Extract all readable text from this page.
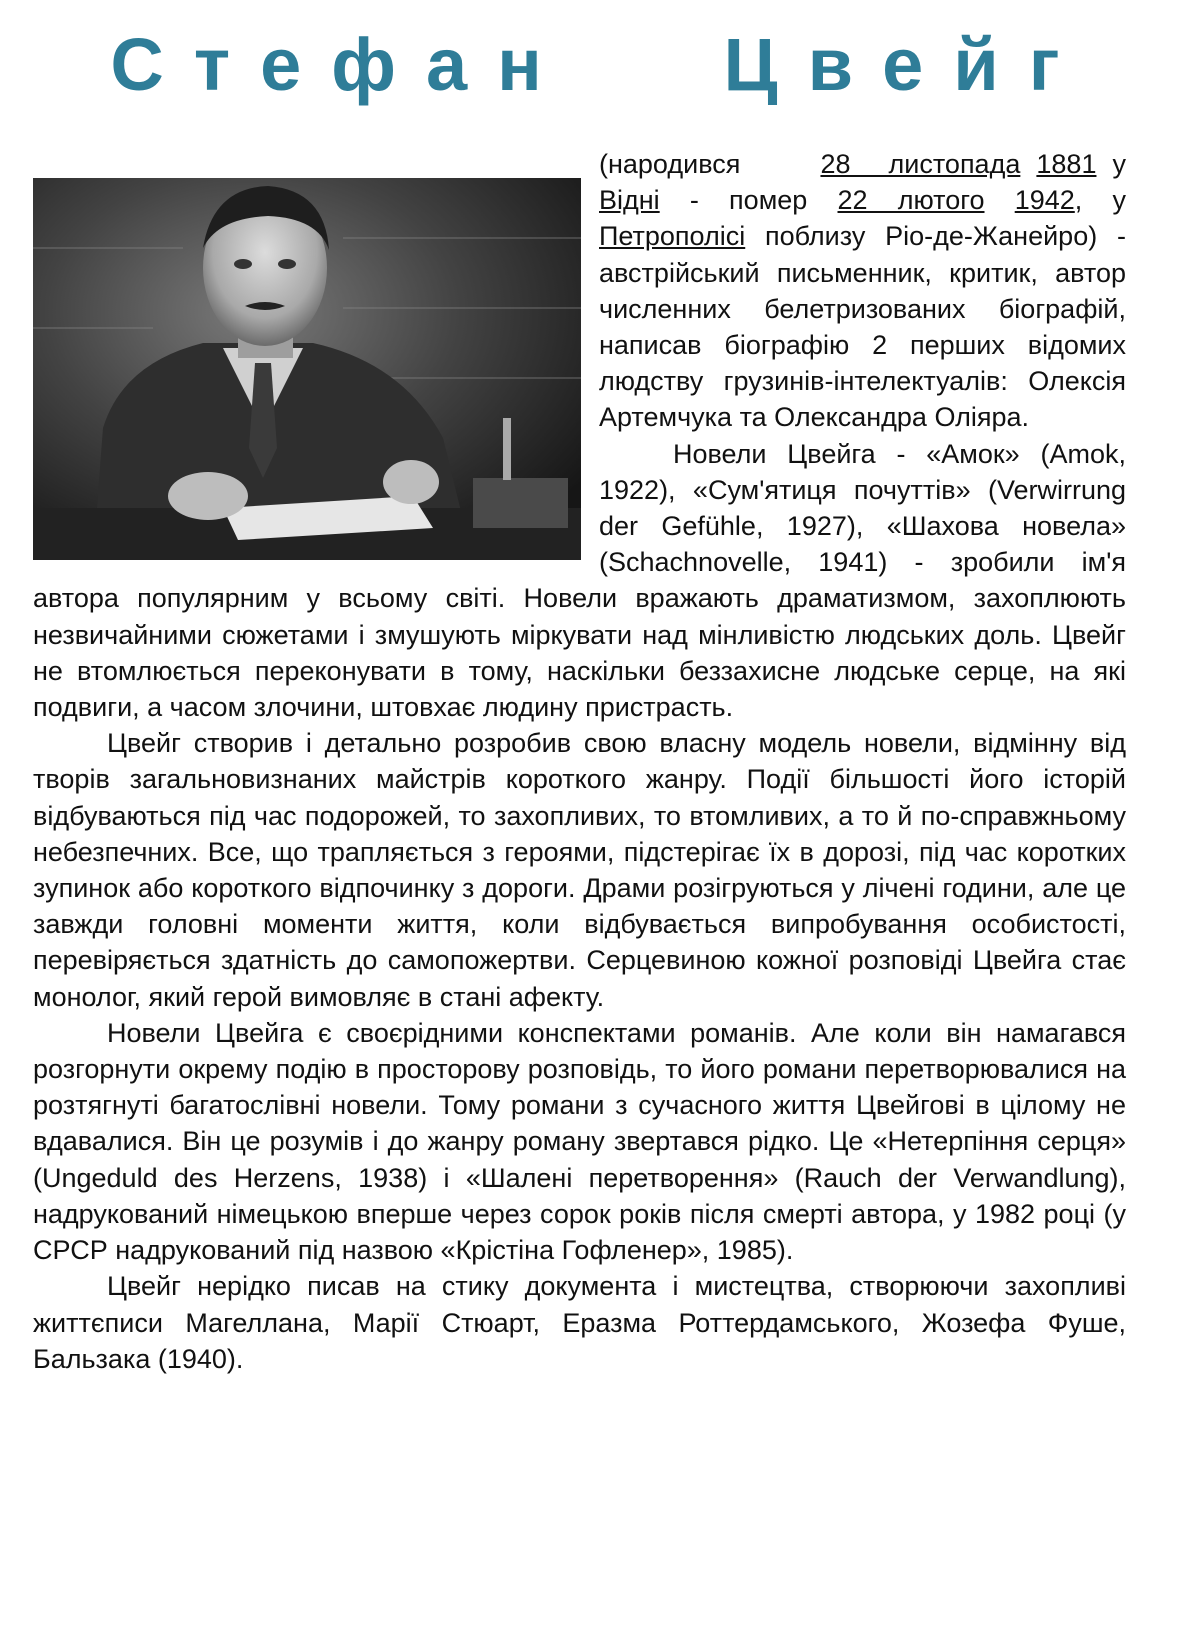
Стефан   Цвейг

(народився	28 листопада 1881 у Відні - помер 22 лютого 1942, у Петрополісі поблизу Ріо-де-Жанейро) - австрійський письменник, критик, автор численних белетризованих біографій, написав біографію 2 перших відомих людству грузинів-інтелектуалів: Олексія Артемчука та Олександра Оліяра.

Новели Цвейга - «Амок» (Amok, 1922), «Сум'ятиця почуттів» (Verwirrung der Gefühle, 1927), «Шахова новела» (Schachnovelle, 1941) - зробили ім'я автора популярним у всьому світі. Новели вражають драматизмом, захоплюють незвичайними сюжетами і змушують міркувати над мінливістю людських доль. Цвейг не втомлюється переконувати в тому, наскільки беззахисне людське серце, на які подвиги, а часом злочини, штовхає людину пристрасть.

Цвейг створив і детально розробив свою власну модель новели, відмінну від творів загальновизнаних майстрів короткого жанру. Події більшості його історій відбуваються під час подорожей, то захопливих, то втомливих, а то й по-справжньому небезпечних. Все, що трапляється з героями, підстерігає їх в дорозі, під час коротких зупинок або короткого відпочинку з дороги. Драми розігруються у лічені години, але це завжди головні моменти життя, коли відбувається випробування особистості, перевіряється здатність до самопожертви. Серцевиною кожної розповіді Цвейга стає монолог, який герой вимовляє в стані афекту.

Новели Цвейга є своєрідними конспектами романів. Але коли він намагався розгорнути окрему подію в просторову розповідь, то його романи перетворювалися на розтягнуті багатослівні новели. Тому романи з сучасного життя Цвейгові в цілому не вдавалися. Він це розумів і до жанру роману звертався рідко. Це «Нетерпіння серця» (Ungeduld des Herzens, 1938) і «Шалені перетворення» (Rauch der Verwandlung), надрукований німецькою вперше через сорок років після смерті автора, у 1982 році (у СРСР надрукований під назвою «Крістіна Гофленер», 1985).

Цвейг нерідко писав на стику документа і мистецтва, створюючи захопливі життєписи Магеллана, Марії Стюарт, Еразма Роттердамського, Жозефа Фуше, Бальзака (1940).
